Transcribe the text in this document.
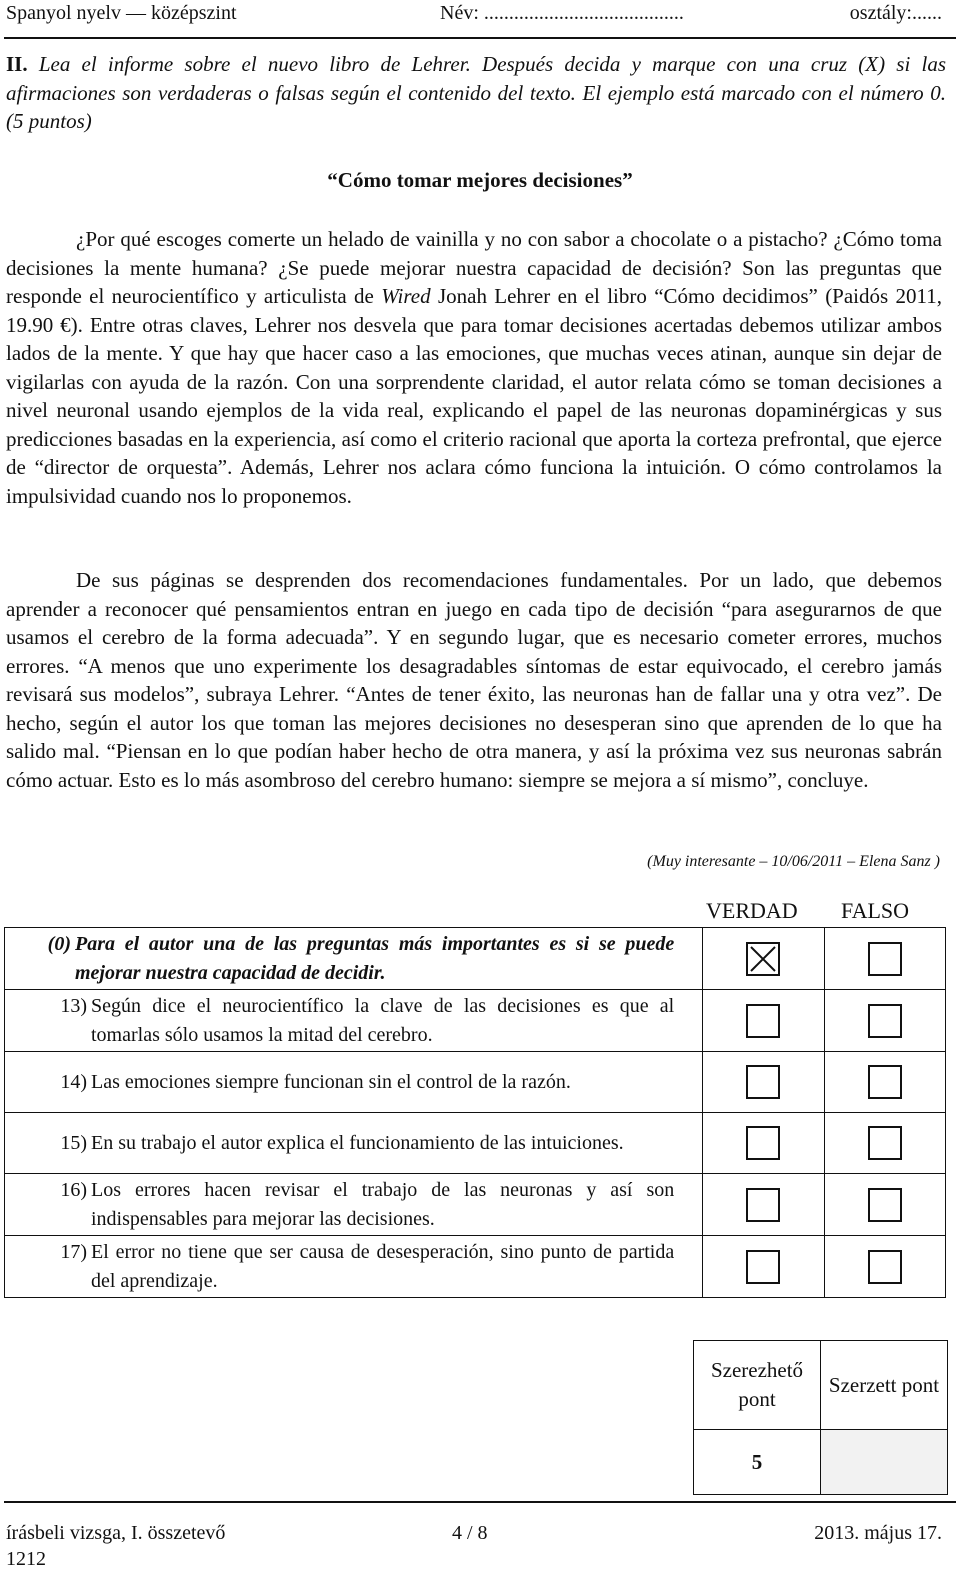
Spanyol nyelv — középszint	Név: ........................................	osztály:......

II. Lea el informe sobre el nuevo libro de Lehrer. Después decida y marque con una cruz (X) si las afirmaciones son verdaderas o falsas según el contenido del texto. El ejemplo está marcado con el número 0. (5 puntos)

“Cómo tomar mejores decisiones”

¿Por qué escoges comerte un helado de vainilla y no con sabor a chocolate o a pistacho? ¿Cómo toma decisiones la mente humana? ¿Se puede mejorar nuestra capacidad de decisión? Son las preguntas que responde el neurocientífico y articulista de Wired Jonah Lehrer en el libro “Cómo decidimos” (Paidós 2011, 19.90 €). Entre otras claves, Lehrer nos desvela que para tomar decisiones acertadas debemos utilizar ambos lados de la mente. Y que hay que hacer caso a las emociones, que muchas veces atinan, aunque sin dejar de vigilarlas con ayuda de la razón. Con una sorprendente claridad, el autor relata cómo se toman decisiones a nivel neuronal usando ejemplos de la vida real, explicando el papel de las neuronas dopaminérgicas y sus predicciones basadas en la experiencia, así como el criterio racional que aporta la corteza prefrontal, que ejerce de “director de orquesta”. Además, Lehrer nos aclara cómo funciona la intuición. O cómo controlamos la impulsividad cuando nos lo proponemos.

De sus páginas se desprenden dos recomendaciones fundamentales. Por un lado, que debemos aprender a reconocer qué pensamientos entran en juego en cada tipo de decisión “para asegurarnos de que usamos el cerebro de la forma adecuada”. Y en segundo lugar, que es necesario cometer errores, muchos errores. “A menos que uno experimente los desagradables síntomas de estar equivocado, el cerebro jamás revisará sus modelos”, subraya Lehrer. “Antes de tener éxito, las neuronas han de fallar una y otra vez”. De hecho, según el autor los que toman las mejores decisiones no desesperan sino que aprenden de lo que ha salido mal. “Piensan en lo que podían haber hecho de otra manera, y así la próxima vez sus neuronas sabrán cómo actuar. Esto es lo más asombroso del cerebro humano: siempre se mejora a sí mismo”, concluye.

(Muy interesante – 10/06/2011 – Elena Sanz )
VERDAD FALSO
(0) Para el autor una de las preguntas más importantes es si se puede mejorar nuestra capacidad de decidir.

13) Según dice el neurocientífico la clave de las decisiones es que al tomarlas sólo usamos la mitad del cerebro.		

14) Las emociones siempre funcionan sin el control de la razón.		

15) En su trabajo el autor explica el funcionamiento de las intuiciones.		

16) Los errores hacen revisar el trabajo de las neuronas y así son indispensables para mejorar las decisiones.		

17) El error no tiene que ser causa de desesperación, sino punto de partida del aprendizaje.		

Szerezhető pont	Szerzett pont
5	
írásbeli vizsga, I. összetevő
1212
4 / 8	2013. május 17.
